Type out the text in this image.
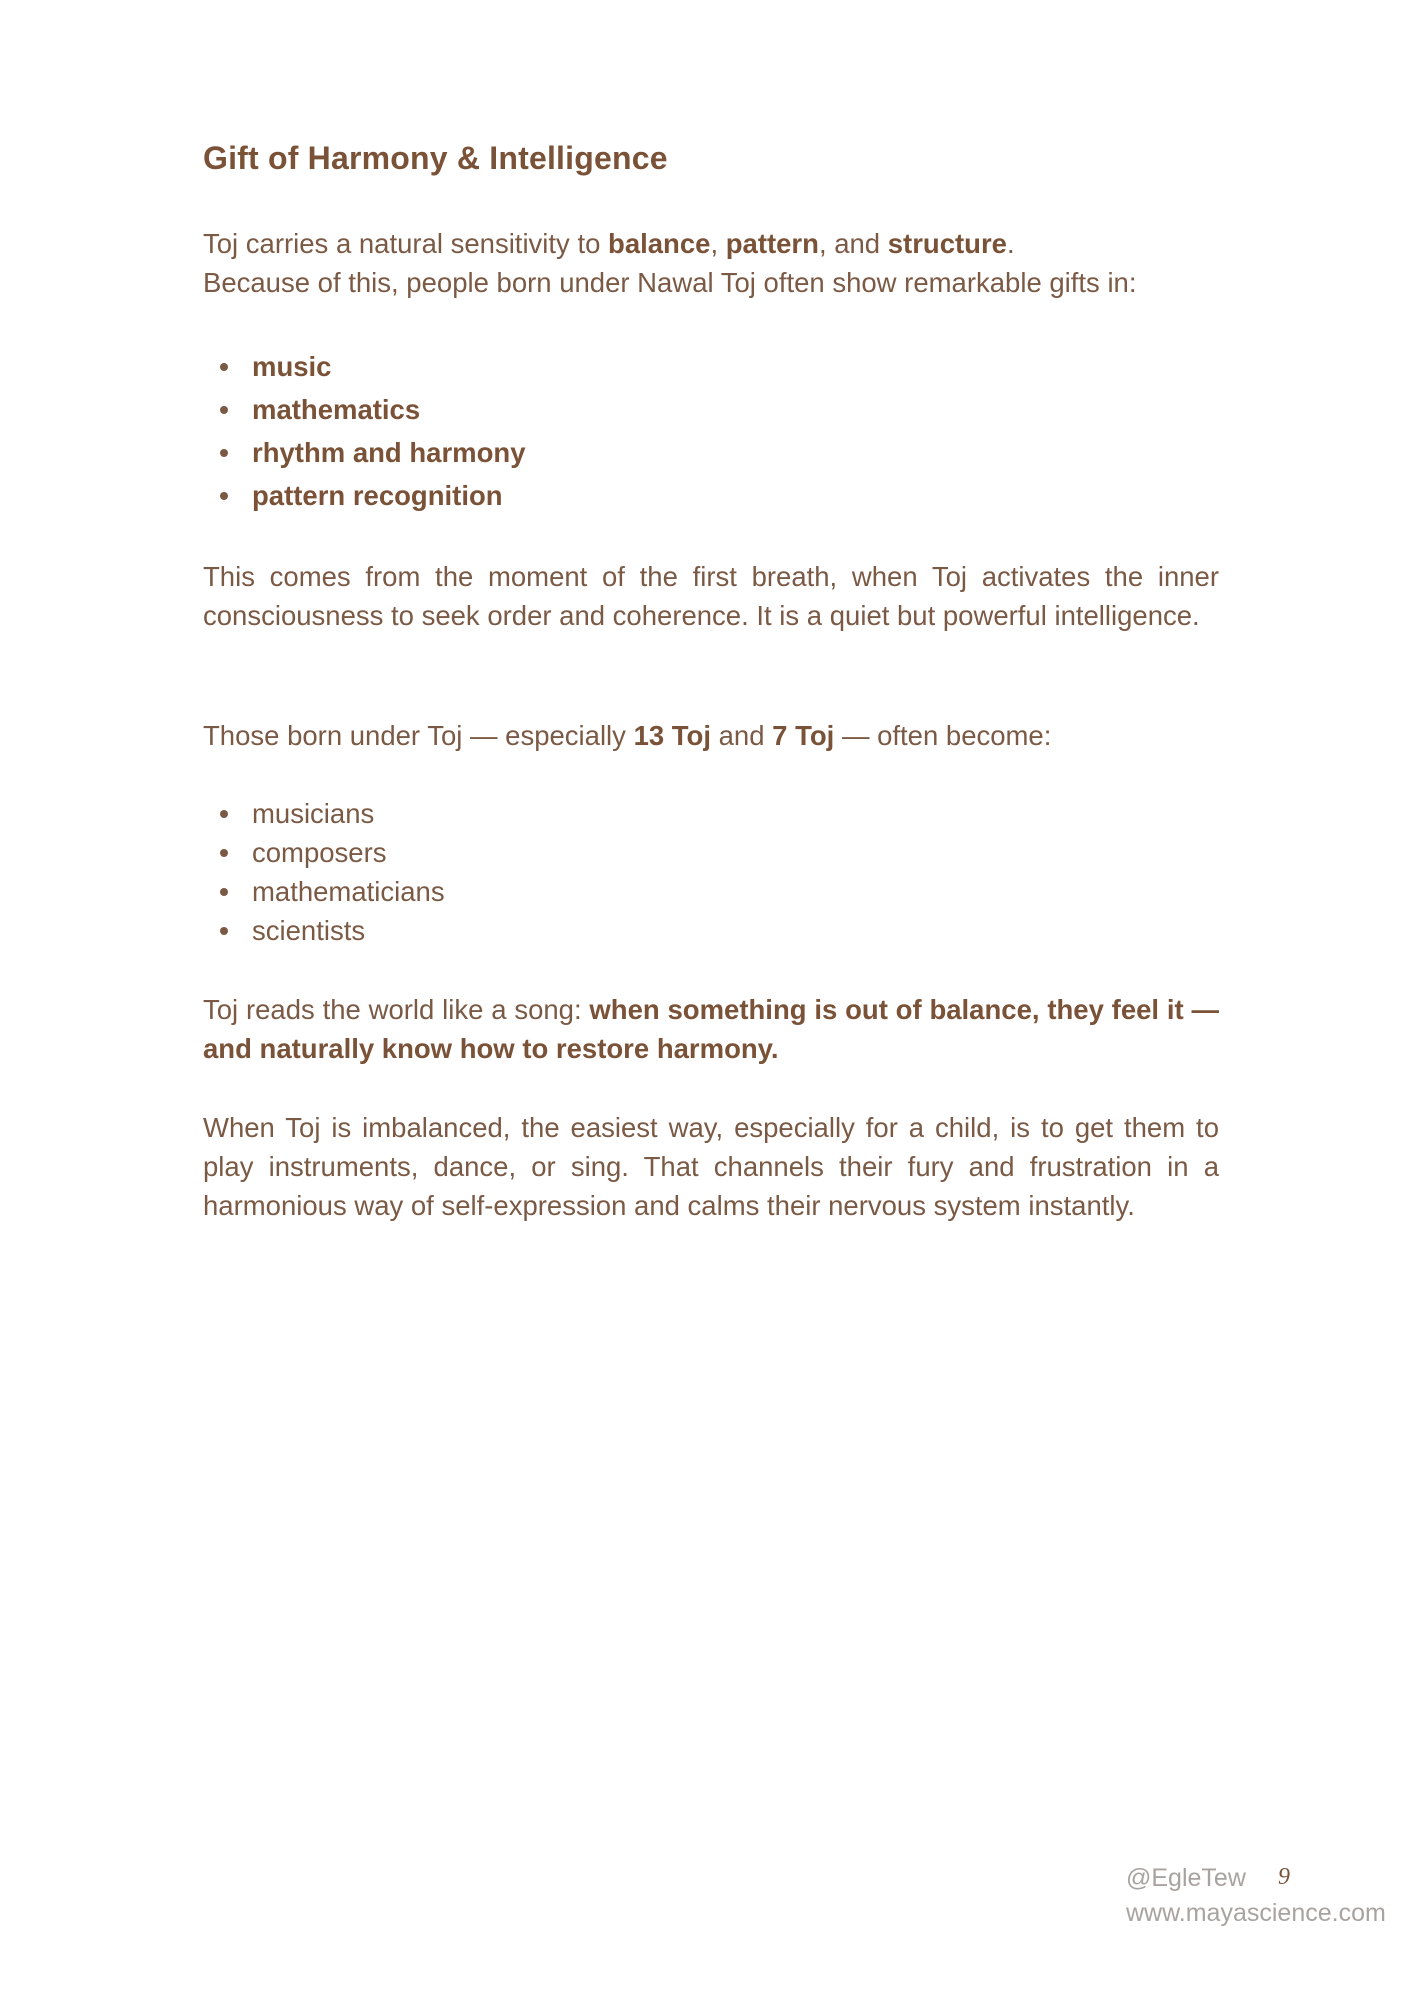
Gift of Harmony & Intelligence

Toj carries a natural sensitivity to balance, pattern, and structure.
Because of this, people born under Nawal Toj often show remarkable gifts in:

music
mathematics
rhythm and harmony
pattern recognition

This comes from the moment of the first breath, when Toj activates the inner consciousness to seek order and coherence. It is a quiet but powerful intelligence.

Those born under Toj — especially 13 Toj and 7 Toj — often become:

musicians
composers
mathematicians
scientists

Toj reads the world like a song: when something is out of balance, they feel it — and naturally know how to restore harmony.

When Toj is imbalanced, the easiest way, especially for a child, is to get them to play instruments, dance, or sing. That channels their fury and frustration in a harmonious way of self-expression and calms their nervous system instantly.

@EgleTew 9
www.mayascience.com
